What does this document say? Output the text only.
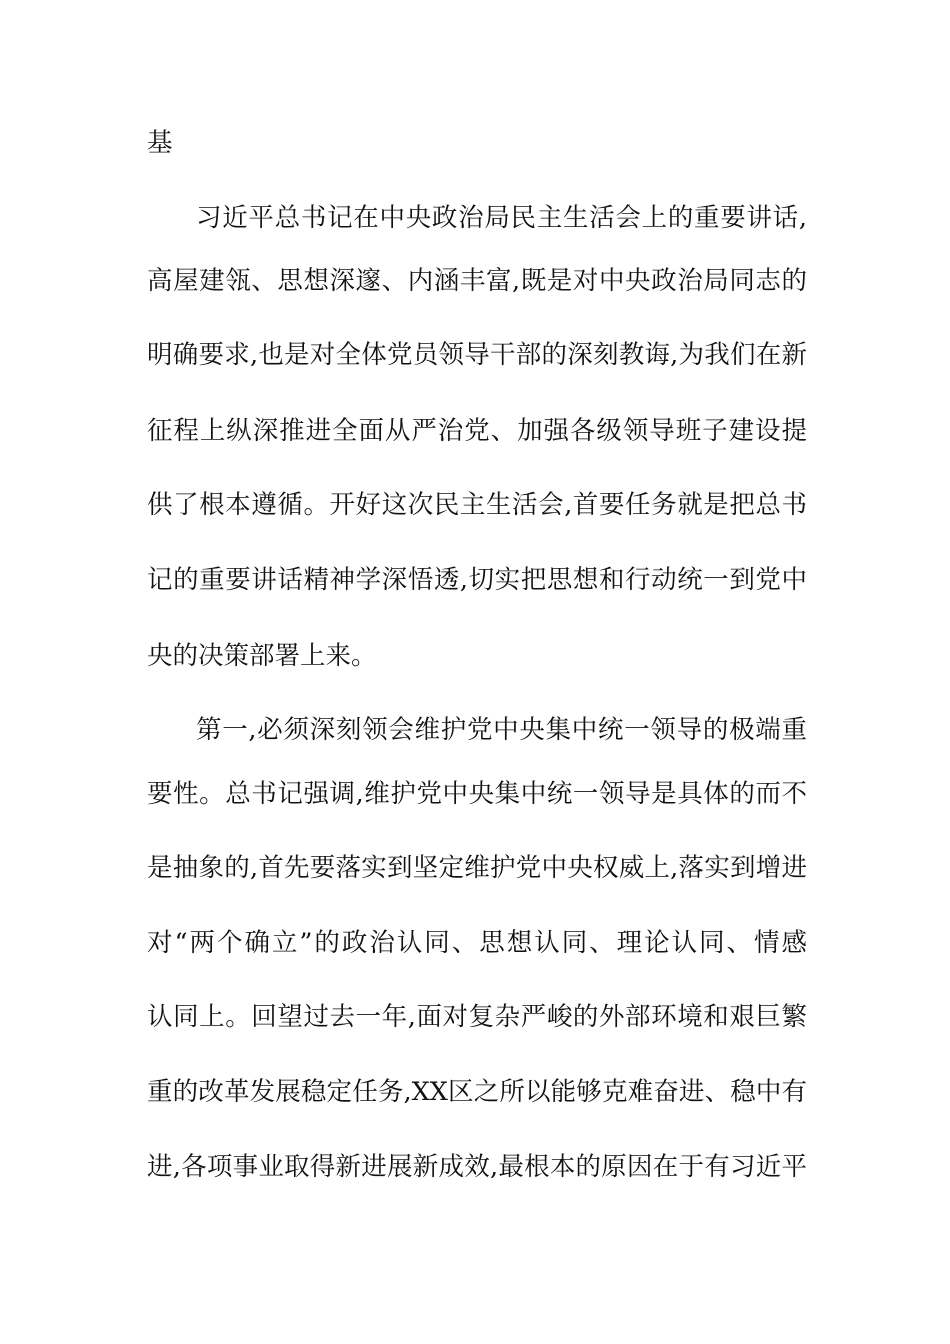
基
习近平总书记在中央政治局民主生活会上的重要讲话,
高屋建瓴、思想深邃、内涵丰富,既是对中央政治局同志的
明确要求,也是对全体党员领导干部的深刻教诲,为我们在新
征程上纵深推进全面从严治党、加强各级领导班子建设提
供了根本遵循。开好这次民主生活会,首要任务就是把总书
记的重要讲话精神学深悟透,切实把思想和行动统一到党中
央的决策部署上来。
第一,必须深刻领会维护党中央集中统一领导的极端重
要性。总书记强调,维护党中央集中统一领导是具体的而不
是抽象的,首先要落实到坚定维护党中央权威上,落实到增进
对“两个确立”的政治认同、思想认同、理论认同、情感
认同上。回望过去一年,面对复杂严峻的外部环境和艰巨繁
重的改革发展稳定任务,XX区之所以能够克难奋进、稳中有
进,各项事业取得新进展新成效,最根本的原因在于有习近平
